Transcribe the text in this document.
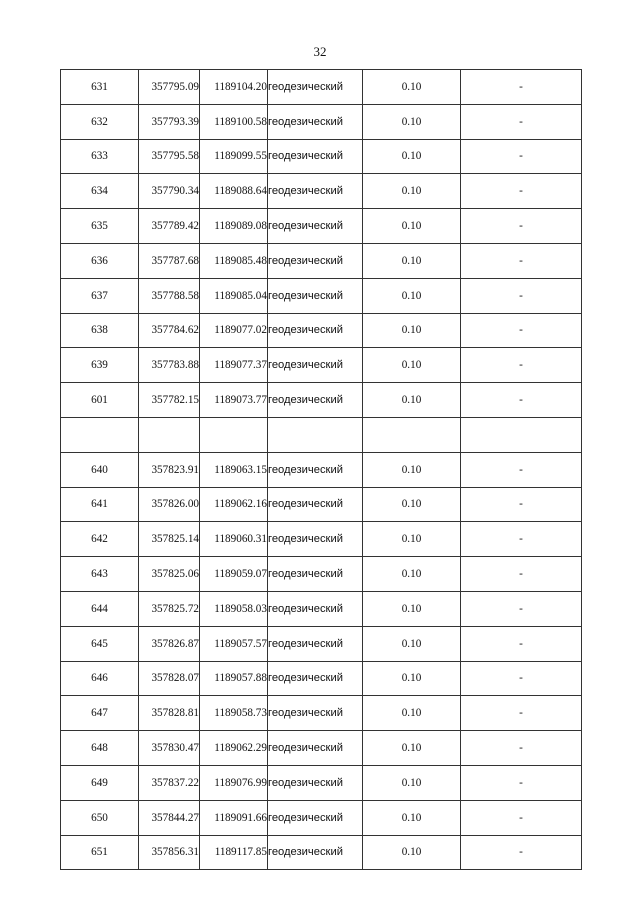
32
631	357795.09	1189104.20	геодезический	0.10	-
632	357793.39	1189100.58	геодезический	0.10	-
633	357795.58	1189099.55	геодезический	0.10	-
634	357790.34	1189088.64	геодезический	0.10	-
635	357789.42	1189089.08	геодезический	0.10	-
636	357787.68	1189085.48	геодезический	0.10	-
637	357788.58	1189085.04	геодезический	0.10	-
638	357784.62	1189077.02	геодезический	0.10	-
639	357783.88	1189077.37	геодезический	0.10	-
601	357782.15	1189073.77	геодезический	0.10	-

640	357823.91	1189063.15	геодезический	0.10	-
641	357826.00	1189062.16	геодезический	0.10	-
642	357825.14	1189060.31	геодезический	0.10	-
643	357825.06	1189059.07	геодезический	0.10	-
644	357825.72	1189058.03	геодезический	0.10	-
645	357826.87	1189057.57	геодезический	0.10	-
646	357828.07	1189057.88	геодезический	0.10	-
647	357828.81	1189058.73	геодезический	0.10	-
648	357830.47	1189062.29	геодезический	0.10	-
649	357837.22	1189076.99	геодезический	0.10	-
650	357844.27	1189091.66	геодезический	0.10	-
651	357856.31	1189117.85	геодезический	0.10	-
